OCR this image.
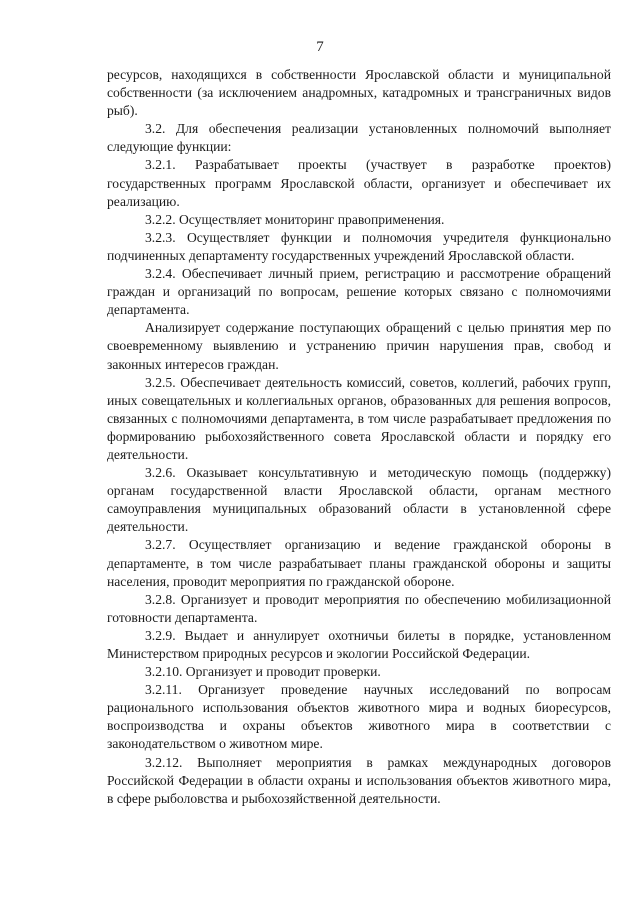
7

ресурсов, находящихся в собственности Ярославской области и муниципальной собственности (за исключением анадромных, катадромных и трансграничных видов рыб).

3.2. Для обеспечения реализации установленных полномочий выполняет следующие функции:

3.2.1. Разрабатывает проекты (участвует в разработке проектов) государственных программ Ярославской области, организует и обеспечивает их реализацию.

3.2.2. Осуществляет мониторинг правоприменения.

3.2.3. Осуществляет функции и полномочия учредителя функционально подчиненных департаменту государственных учреждений Ярославской области.

3.2.4. Обеспечивает личный прием, регистрацию и рассмотрение обращений граждан и организаций по вопросам, решение которых связано с полномочиями департамента.

Анализирует содержание поступающих обращений с целью принятия мер по своевременному выявлению и устранению причин нарушения прав, свобод и законных интересов граждан.

3.2.5. Обеспечивает деятельность комиссий, советов, коллегий, рабочих групп, иных совещательных и коллегиальных органов, образованных для решения вопросов, связанных с полномочиями департамента, в том числе разрабатывает предложения по формированию рыбохозяйственного совета Ярославской области и порядку его деятельности.

3.2.6. Оказывает консультативную и методическую помощь (поддержку) органам государственной власти Ярославской области, органам местного самоуправления муниципальных образований области в установленной сфере деятельности.

3.2.7. Осуществляет организацию и ведение гражданской обороны в департаменте, в том числе разрабатывает планы гражданской обороны и защиты населения, проводит мероприятия по гражданской обороне.

3.2.8. Организует и проводит мероприятия по обеспечению мобилизационной готовности департамента.

3.2.9. Выдает и аннулирует охотничьи билеты в порядке, установленном Министерством природных ресурсов и экологии Российской Федерации.

3.2.10. Организует и проводит проверки.

3.2.11. Организует проведение научных исследований по вопросам рационального использования объектов животного мира и водных биоресурсов, воспроизводства и охраны объектов животного мира в соответствии с законодательством о животном мире.

3.2.12. Выполняет мероприятия в рамках международных договоров Российской Федерации в области охраны и использования объектов животного мира, в сфере рыболовства и рыбохозяйственной деятельности.
